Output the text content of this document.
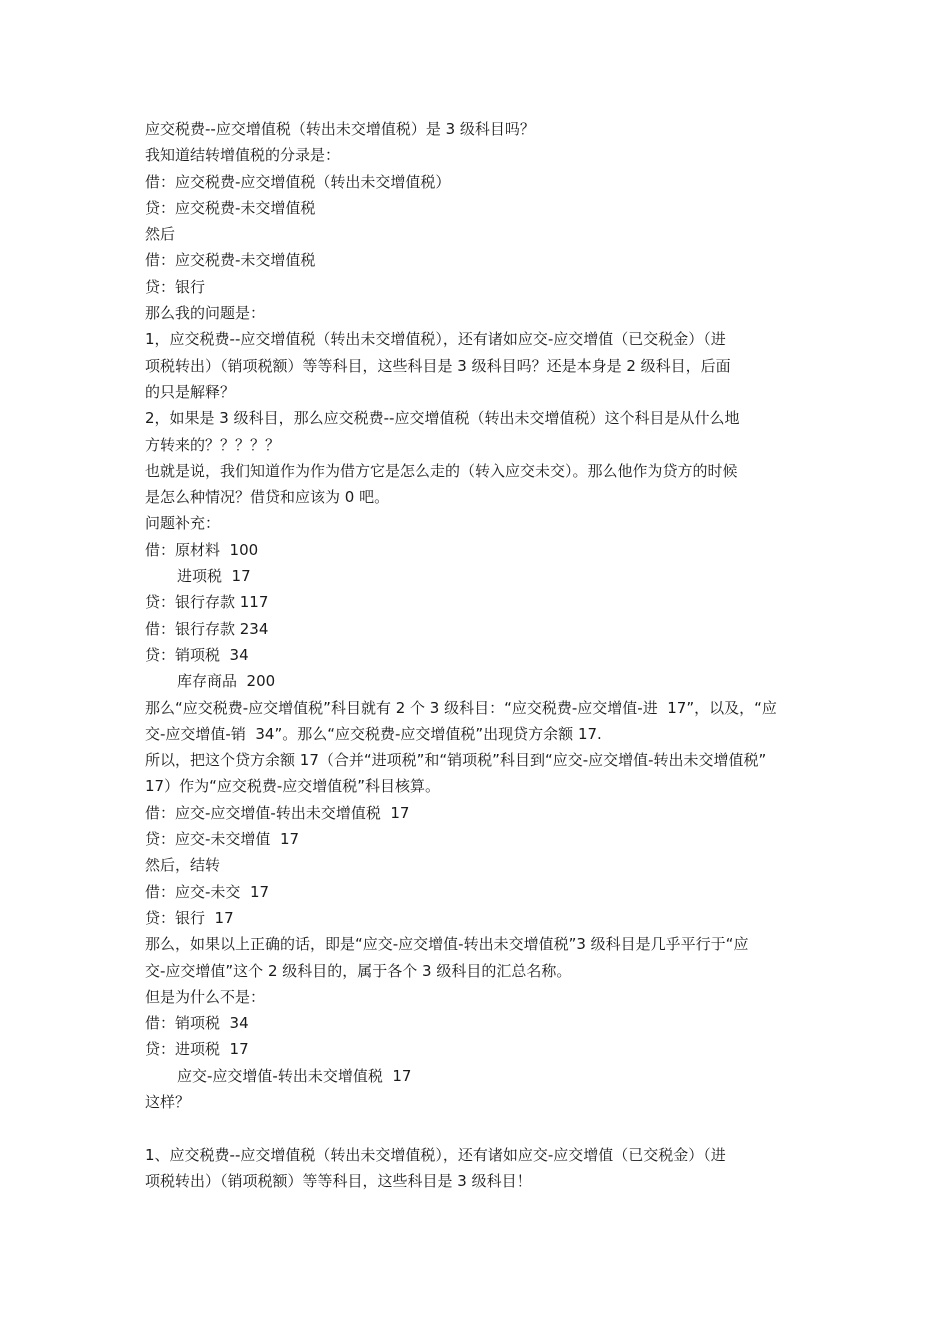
应交税费--应交增值税（转出未交增值税）是 3 级科目吗？

我知道结转增值税的分录是：

借：应交税费-应交增值税（转出未交增值税）

贷：应交税费-未交增值税

然后

借：应交税费-未交增值税

贷：银行

那么我的问题是：

1，应交税费--应交增值税（转出未交增值税），还有诸如应交-应交增值（已交税金）（进

项税转出）（销项税额）等等科目，这些科目是 3 级科目吗？还是本身是 2 级科目，后面

的只是解释？

2，如果是 3 级科目，那么应交税费--应交增值税（转出未交增值税）这个科目是从什么地

方转来的？？？？？

也就是说，我们知道作为作为借方它是怎么走的（转入应交未交）。那么他作为贷方的时候

是怎么种情况？借贷和应该为 0 吧。

问题补充：

借：原材料  100

进项税  17

贷：银行存款 117

借：银行存款 234

贷：销项税  34

库存商品  200

那么“应交税费-应交增值税”科目就有 2 个 3 级科目：“应交税费-应交增值-进  17”，以及，“应

交-应交增值-销  34”。那么“应交税费-应交增值税”出现贷方余额 17.

所以，把这个贷方余额 17（合并“进项税”和“销项税”科目到“应交-应交增值-转出未交增值税”

17）作为“应交税费-应交增值税”科目核算。

借：应交-应交增值-转出未交增值税  17

贷：应交-未交增值  17

然后，结转

借：应交-未交  17

贷：银行  17

那么，如果以上正确的话，即是“应交-应交增值-转出未交增值税”3 级科目是几乎平行于“应

交-应交增值”这个 2 级科目的，属于各个 3 级科目的汇总名称。

但是为什么不是：

借：销项税  34

贷：进项税  17

应交-应交增值-转出未交增值税  17

这样？

1、应交税费--应交增值税（转出未交增值税），还有诸如应交-应交增值（已交税金）（进

项税转出）（销项税额）等等科目，这些科目是 3 级科目！
